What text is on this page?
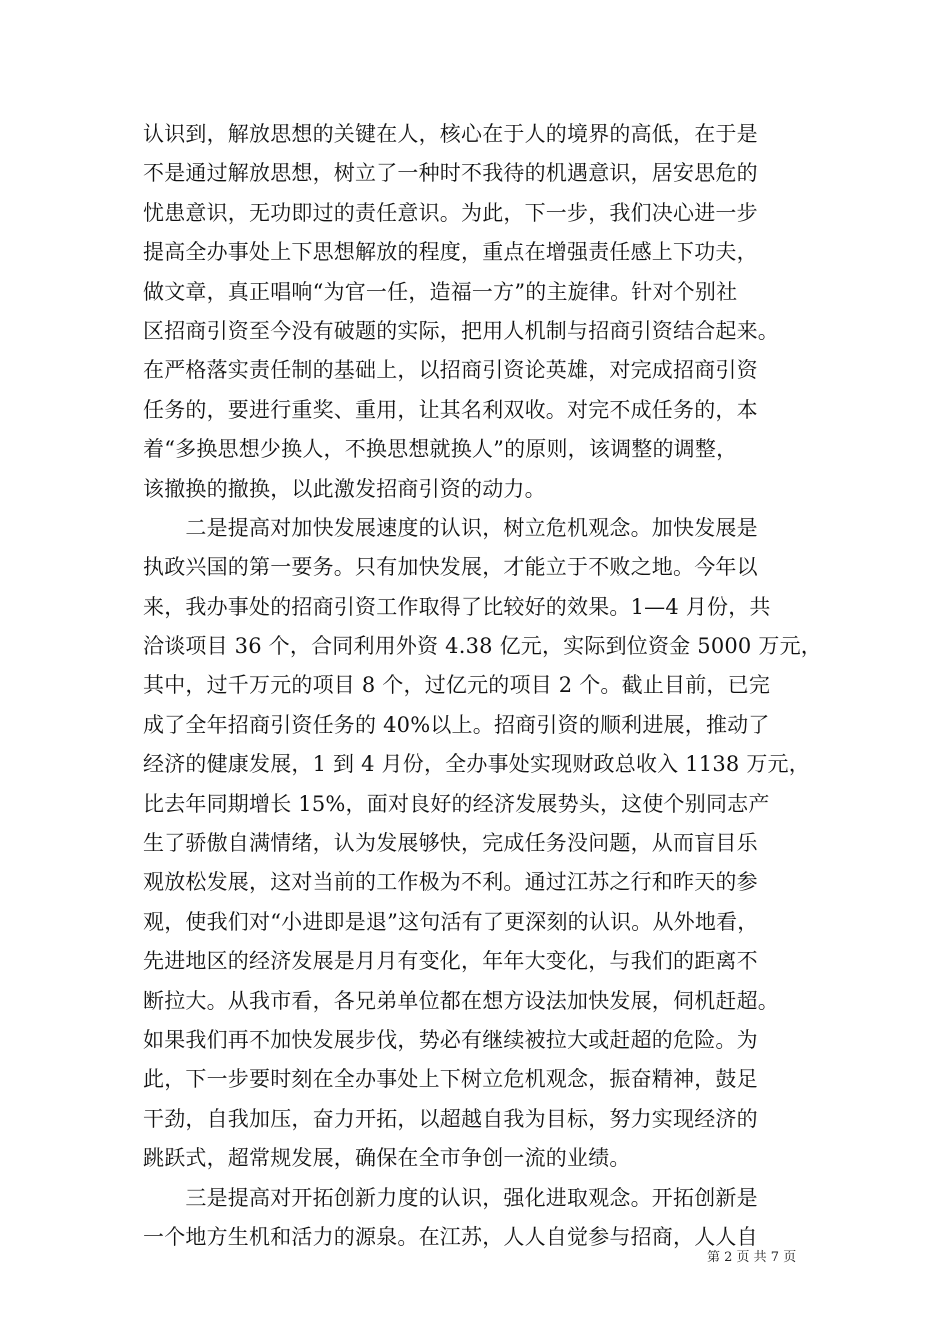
认识到，解放思想的关键在人，核心在于人的境界的高低，在于是
不是通过解放思想，树立了一种时不我待的机遇意识，居安思危的
忧患意识，无功即过的责任意识。为此，下一步，我们决心进一步
提高全办事处上下思想解放的程度，重点在增强责任感上下功夫，
做文章，真正唱响“为官一任，造福一方”的主旋律。针对个别社
区招商引资至今没有破题的实际，把用人机制与招商引资结合起来。
在严格落实责任制的基础上，以招商引资论英雄，对完成招商引资
任务的，要进行重奖、重用，让其名利双收。对完不成任务的，本
着“多换思想少换人，不换思想就换人”的原则，该调整的调整，
该撤换的撤换，以此激发招商引资的动力。
　　二是提高对加快发展速度的认识，树立危机观念。加快发展是
执政兴国的第一要务。只有加快发展，才能立于不败之地。今年以
来，我办事处的招商引资工作取得了比较好的效果。1—4 月份，共
洽谈项目 36 个，合同利用外资 4.38 亿元，实际到位资金 5000 万元，
其中，过千万元的项目 8 个，过亿元的项目 2 个。截止目前，已完
成了全年招商引资任务的 40%以上。招商引资的顺利进展，推动了
经济的健康发展，1 到 4 月份，全办事处实现财政总收入 1138 万元，
比去年同期增长 15%，面对良好的经济发展势头，这使个别同志产
生了骄傲自满情绪，认为发展够快，完成任务没问题，从而盲目乐
观放松发展，这对当前的工作极为不利。通过江苏之行和昨天的参
观，使我们对“小进即是退”这句活有了更深刻的认识。从外地看，
先进地区的经济发展是月月有变化，年年大变化，与我们的距离不
断拉大。从我市看，各兄弟单位都在想方设法加快发展，伺机赶超。
如果我们再不加快发展步伐，势必有继续被拉大或赶超的危险。为
此，下一步要时刻在全办事处上下树立危机观念，振奋精神，鼓足
干劲，自我加压，奋力开拓，以超越自我为目标，努力实现经济的
跳跃式，超常规发展，确保在全市争创一流的业绩。
　　三是提高对开拓创新力度的认识，强化进取观念。开拓创新是
一个地方生机和活力的源泉。在江苏，人人自觉参与招商，人人自
第 2 页 共 7 页
